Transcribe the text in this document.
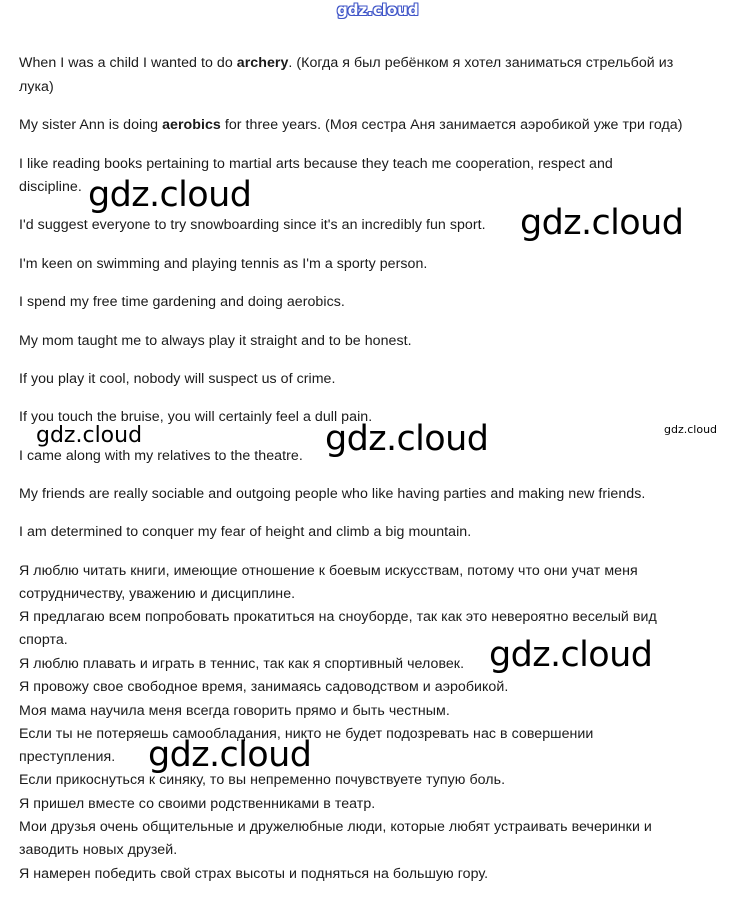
gdz.cloud

When I was a child I wanted to do archery. (Когда я был ребёнком я хотел заниматься стрельбой из

лука)

My sister Ann is doing aerobics for three years. (Моя сестра Аня занимается аэробикой уже три года)

I like reading books pertaining to martial arts because they teach me cooperation, respect and

discipline.

I'd suggest everyone to try snowboarding since it's an incredibly fun sport.

I'm keen on swimming and playing tennis as I'm a sporty person.

I spend my free time gardening and doing aerobics.

My mom taught me to always play it straight and to be honest.

If you play it cool, nobody will suspect us of crime.

If you touch the bruise, you will certainly feel a dull pain.

I came along with my relatives to the theatre.

My friends are really sociable and outgoing people who like having parties and making new friends.

I am determined to conquer my fear of height and climb a big mountain.

Я люблю читать книги, имеющие отношение к боевым искусствам, потому что они учат меня

сотрудничеству, уважению и дисциплине.

Я предлагаю всем попробовать прокатиться на сноуборде, так как это невероятно веселый вид

спорта.

Я люблю плавать и играть в теннис, так как я спортивный человек.

Я провожу свое свободное время, занимаясь садоводством и аэробикой.

Моя мама научила меня всегда говорить прямо и быть честным.

Если ты не потеряешь самообладания, никто не будет подозревать нас в совершении

преступления.

Если прикоснуться к синяку, то вы непременно почувствуете тупую боль.

Я пришел вместе со своими родственниками в театр.

Мои друзья очень общительные и дружелюбные люди, которые любят устраивать вечеринки и

заводить новых друзей.

Я намерен победить свой страх высоты и подняться на большую гору.

gdz.cloud

gdz.cloud

gdz.cloud	gdz.cloud	gdz.cloud

gdz.cloud

gdz.cloud
